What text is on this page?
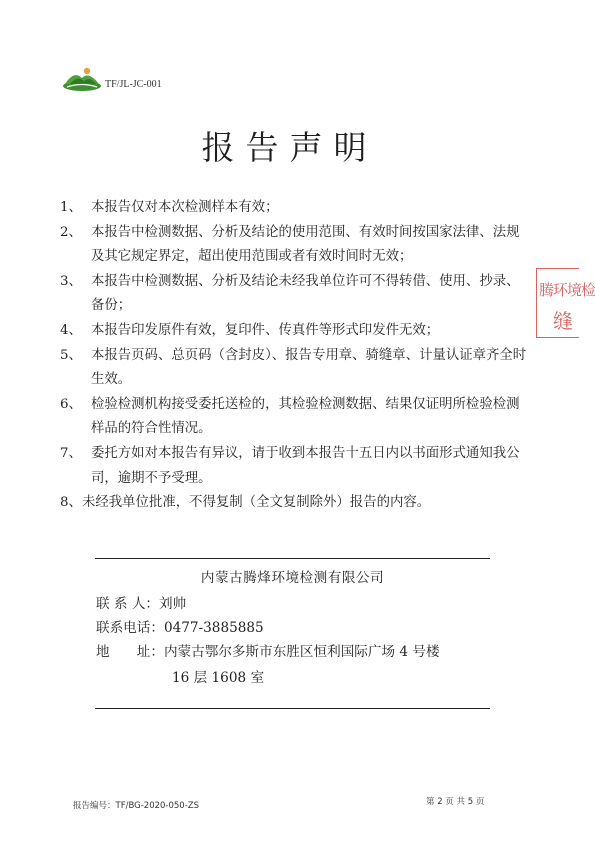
TF/JL-JC-001
报告声明
1、 本报告仅对本次检测样本有效；
2、 本报告中检测数据、分析及结论的使用范围、有效时间按国家法律、法规及其它规定界定，超出使用范围或者有效时间时无效；
3、 本报告中检测数据、分析及结论未经我单位许可不得转借、使用、抄录、备份；
4、 本报告印发原件有效，复印件、传真件等形式印发件无效；
5、 本报告页码、总页码（含封皮）、报告专用章、骑缝章、计量认证章齐全时生效。
6、 检验检测机构接受委托送检的，其检验检测数据、结果仅证明所检验检测样品的符合性情况。
7、 委托方如对本报告有异议，请于收到本报告十五日内以书面形式通知我公司，逾期不予受理。
8、 未经我单位批准，不得复制（全文复制除外）报告的内容。
内蒙古腾烽环境检测有限公司
联 系 人：刘帅
联系电话：0477-3885885
地　　址：内蒙古鄂尔多斯市东胜区恒利国际广场 4 号楼
16 层 1608 室
腾环境检
缝
报告编号：TF/BG-2020-050-ZS	第 2 页 共 5 页
